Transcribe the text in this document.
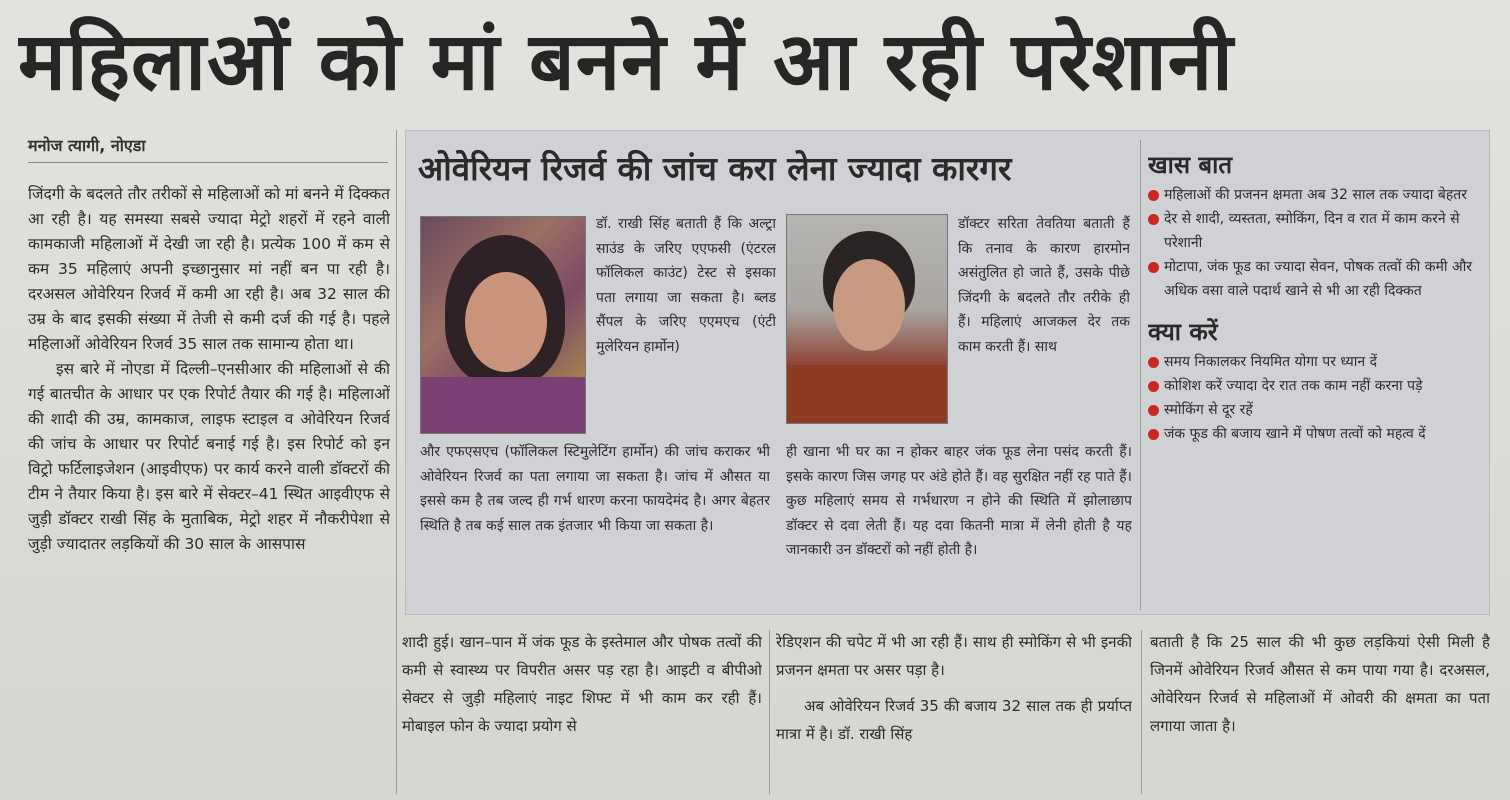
महिलाओं को मां बनने में आ रही परेशानी
मनोज त्यागी, नोएडा

जिंदगी के बदलते तौर तरीकों से महिलाओं को मां बनने में दिक्कत आ रही है। यह समस्या सबसे ज्यादा मेट्रो शहरों में रहने वाली कामकाजी महिलाओं में देखी जा रही है। प्रत्येक 100 में कम से कम 35 महिलाएं अपनी इच्छानुसार मां नहीं बन पा रही है। दरअसल ओवेरियन रिजर्व में कमी आ रही है। अब 32 साल की उम्र के बाद इसकी संख्या में तेजी से कमी दर्ज की गई है। पहले महिलाओं ओवेरियन रिजर्व 35 साल तक सामान्य होता था।

इस बारे में नोएडा में दिल्ली–एनसीआर की महिलाओं से की गई बातचीत के आधार पर एक रिपोर्ट तैयार की गई है। महिलाओं की शादी की उम्र, कामकाज, लाइफ स्टाइल व ओवेरियन रिजर्व की जांच के आधार पर रिपोर्ट बनाई गई है। इस रिपोर्ट को इन विट्रो फर्टिलाइजेशन (आइवीएफ) पर कार्य करने वाली डॉक्टरों की टीम ने तैयार किया है। इस बारे में सेक्टर–41 स्थित आइवीएफ से जुड़ी डॉक्टर राखी सिंह के मुताबिक, मेट्रो शहर में नौकरीपेशा से जुड़ी ज्यादातर लड़कियों की 30 साल के आसपास

ओवेरियन रिजर्व की जांच करा लेना ज्यादा कारगर

डॉ. राखी सिंह बताती हैं कि अल्ट्रा साउंड के जरिए एएफसी (एंटरल फॉलिकल काउंट) टेस्ट से इसका पता लगाया जा सकता है। ब्लड सैंपल के जरिए एएमएच (एंटी मुलेरियन हार्मोन)

और एफएसएच (फॉलिकल स्टिमुलेटिंग हार्मोन) की जांच कराकर भी ओवेरियन रिजर्व का पता लगाया जा सकता है। जांच में औसत या इससे कम है तब जल्द ही गर्भ धारण करना फायदेमंद है। अगर बेहतर स्थिति है तब कई साल तक इंतजार भी किया जा सकता है।

डॉक्टर सरिता तेवतिया बताती हैं कि तनाव के कारण हारमोन असंतुलित हो जाते हैं, उसके पीछे जिंदगी के बदलते तौर तरीके ही हैं। महिलाएं आजकल देर तक काम करती हैं। साथ

ही खाना भी घर का न होकर बाहर जंक फूड लेना पसंद करती हैं। इसके कारण जिस जगह पर अंडे होते हैं। वह सुरक्षित नहीं रह पाते हैं। कुछ महिलाएं समय से गर्भधारण न होने की स्थिति में झोलाछाप डॉक्टर से दवा लेती हैं। यह दवा कितनी मात्रा में लेनी होती है यह जानकारी उन डॉक्टरों को नहीं होती है।

खास बात
महिलाओं की प्रजनन क्षमता अब 32 साल तक ज्यादा बेहतर
देर से शादी, व्यस्तता, स्मोकिंग, दिन व रात में काम करने से परेशानी
मोटापा, जंक फूड का ज्यादा सेवन, पोषक तत्वों की कमी और अधिक वसा वाले पदार्थ खाने से भी आ रही दिक्कत
क्या करें
समय निकालकर नियमित योगा पर ध्यान दें
कोशिश करें ज्यादा देर रात तक काम नहीं करना पड़े
स्मोकिंग से दूर रहें
जंक फूड की बजाय खाने में पोषण तत्वों को महत्व दें

शादी हुई। खान–पान में जंक फूड के इस्तेमाल और पोषक तत्वों की कमी से स्वास्थ्य पर विपरीत असर पड़ रहा है। आइटी व बीपीओ सेक्टर से जुड़ी महिलाएं नाइट शिफ्ट में भी काम कर रही हैं। मोबाइल फोन के ज्यादा प्रयोग से

रेडिएशन की चपेट में भी आ रही हैं। साथ ही स्मोकिंग से भी इनकी प्रजनन क्षमता पर असर पड़ा है।

अब ओवेरियन रिजर्व 35 की बजाय 32 साल तक ही प्रर्याप्त मात्रा में है। डॉ. राखी सिंह

बताती है कि 25 साल की भी कुछ लड़कियां ऐसी मिली है जिनमें ओवेरियन रिजर्व औसत से कम पाया गया है। दरअसल, ओवेरियन रिजर्व से महिलाओं में ओवरी की क्षमता का पता लगाया जाता है।
